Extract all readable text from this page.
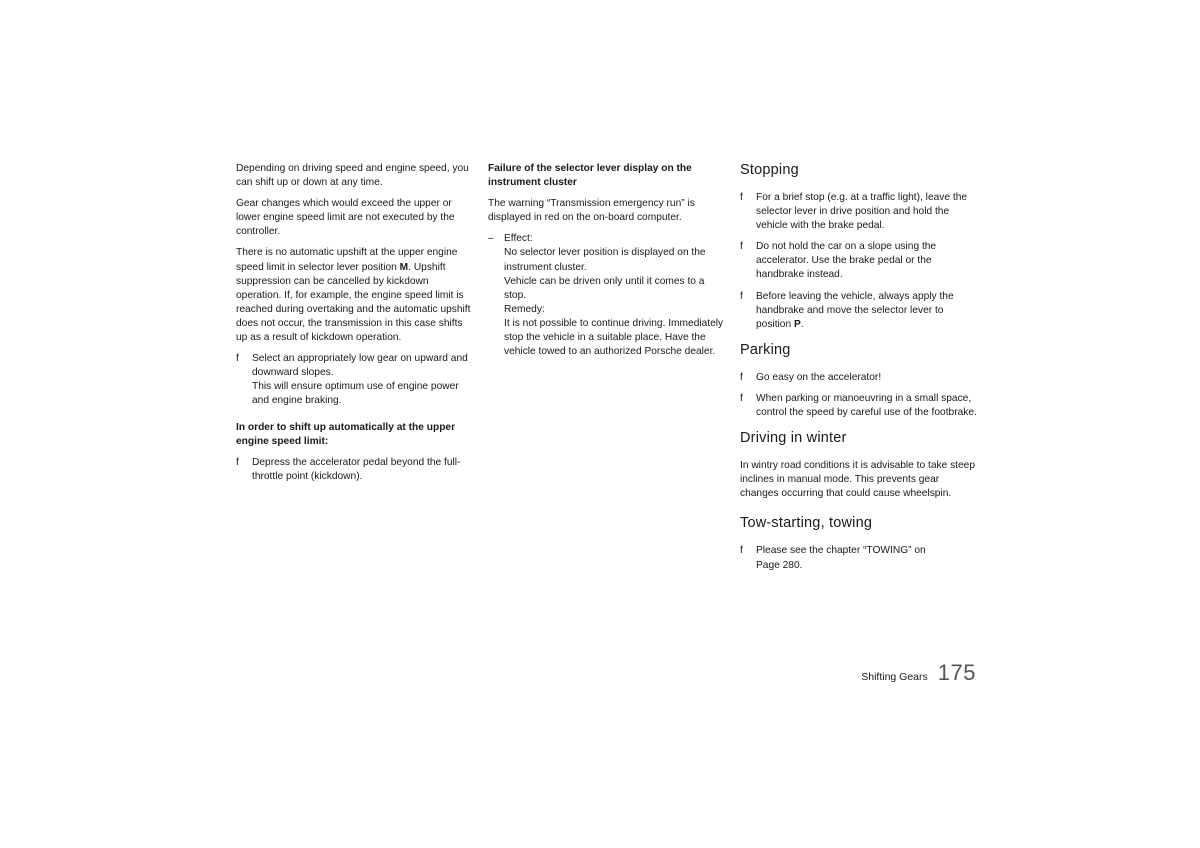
Depending on driving speed and engine speed, you can shift up or down at any time.

Gear changes which would exceed the upper or lower engine speed limit are not executed by the controller.

There is no automatic upshift at the upper engine speed limit in selector lever position M. Upshift suppression can be cancelled by kickdown operation. If, for example, the engine speed limit is reached during overtaking and the automatic upshift does not occur, the transmission in this case shifts up as a result of kickdown operation.

f Select an appropriately low gear on upward and downward slopes.
This will ensure optimum use of engine power and engine braking.

In order to shift up automatically at the upper engine speed limit:

f Depress the accelerator pedal beyond the full-throttle point (kickdown).

Failure of the selector lever display on the instrument cluster

The warning “Transmission emergency run” is displayed in red on the on-board computer.

– Effect:
No selector lever position is displayed on the instrument cluster.
Vehicle can be driven only until it comes to a stop.
Remedy:
It is not possible to continue driving. Immediately stop the vehicle in a suitable place. Have the vehicle towed to an authorized Porsche dealer.
Stopping
f For a brief stop (e.g. at a traffic light), leave the selector lever in drive position and hold the vehicle with the brake pedal.
f Do not hold the car on a slope using the accelerator. Use the brake pedal or the handbrake instead.
f Before leaving the vehicle, always apply the handbrake and move the selector lever to position P.
Parking
f Go easy on the accelerator!
f When parking or manoeuvring in a small space, control the speed by careful use of the footbrake.
Driving in winter

In wintry road conditions it is advisable to take steep inclines in manual mode. This prevents gear changes occurring that could cause wheelspin.

Tow-starting, towing
f Please see the chapter “TOWING” on
Page 280.
Shifting Gears 175
